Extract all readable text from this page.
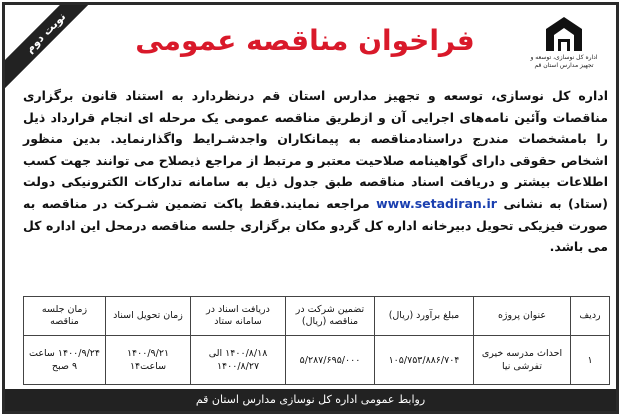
نوبت دوم
اداره کل نوسازی، توسعه و تجهیز مدارس استان قم
فراخوان مناقصه عمومی
اداره کل نوسازی، توسعه و تجهیز مدارس استان قم درنظردارد به استناد قانون برگزاری مناقصات وآئین نامه‌های اجرایی آن و ازطریق مناقصه عمومی یک مرحله ای انجام قرارداد ذیل را بامشخصات مندرج دراسنادمناقصه به پیمانکاران واجدشـرایط واگذارنماید. بدین منظور اشخاص حقوقی دارای گواهینامه صلاحیت معتبر و مرتبط از مراجع ذیصلاح می توانند جهت کسب اطلاعات بیشتر و دریافت اسناد مناقصه طبق جدول ذیل به سامانه تدارکات الکترونیکی دولت (ستاد) به نشانی www.setadiran.ir مراجعه نمایند.فقط پاکت تضمین شـرکت در مناقصه به صورت فیزیکی تحویل دبیرخانه اداره کل گردو مکان برگزاری جلسه مناقصه درمحل این اداره کل می باشد.
ردیف	عنوان پروژه	مبلغ برآورد (ریال)	تضمین شرکت در مناقصه (ریال)	دریافت اسناد در سامانه ستاد	زمان تحویل اسناد	زمان جلسه مناقصه
۱	احداث مدرسه خیری تفرشی نیا	۱۰۵/۷۵۳/۸۸۶/۷۰۴	۵/۲۸۷/۶۹۵/۰۰۰	۱۴۰۰/۸/۱۸ الی ۱۴۰۰/۸/۲۷	۱۴۰۰/۹/۲۱ ساعت۱۴	۱۴۰۰/۹/۲۴ ساعت ۹ صبح
روابط عمومی اداره کل نوسازی مدارس استان قم
